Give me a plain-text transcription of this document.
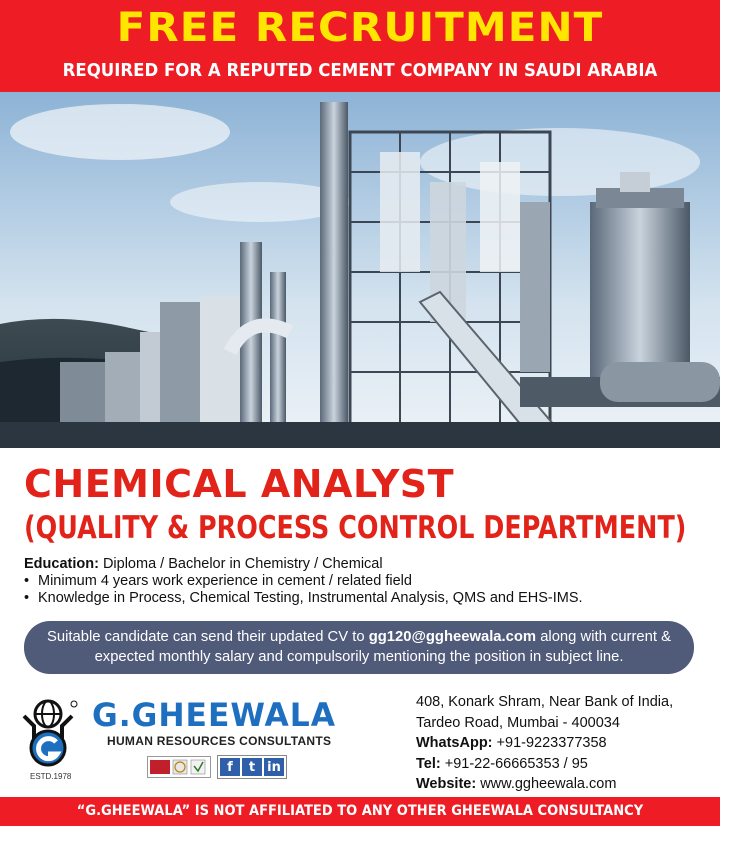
FREE RECRUITMENT
REQUIRED FOR A REPUTED CEMENT COMPANY IN SAUDI ARABIA
CHEMICAL ANALYST
(QUALITY & PROCESS CONTROL DEPARTMENT)
Education: Diploma / Bachelor in Chemistry / Chemical
• Minimum 4 years work experience in cement / related field
• Knowledge in Process, Chemical Testing, Instrumental Analysis, QMS and EHS-IMS.
Suitable candidate can send their updated CV to gg120@ggheewala.com along with current & expected monthly salary and compulsorily mentioning the position in subject line.
ESTD.1978
G.GHEEWALA
HUMAN RESOURCES CONSULTANTS
f	t in
408, Konark Shram, Near Bank of India,
Tardeo Road, Mumbai - 400034
WhatsApp: +91-9223377358
Tel: +91-22-66665353 / 95
Website: www.ggheewala.com
“G.GHEEWALA” IS NOT AFFILIATED TO ANY OTHER GHEEWALA CONSULTANCY OPERATING IN INDIA
